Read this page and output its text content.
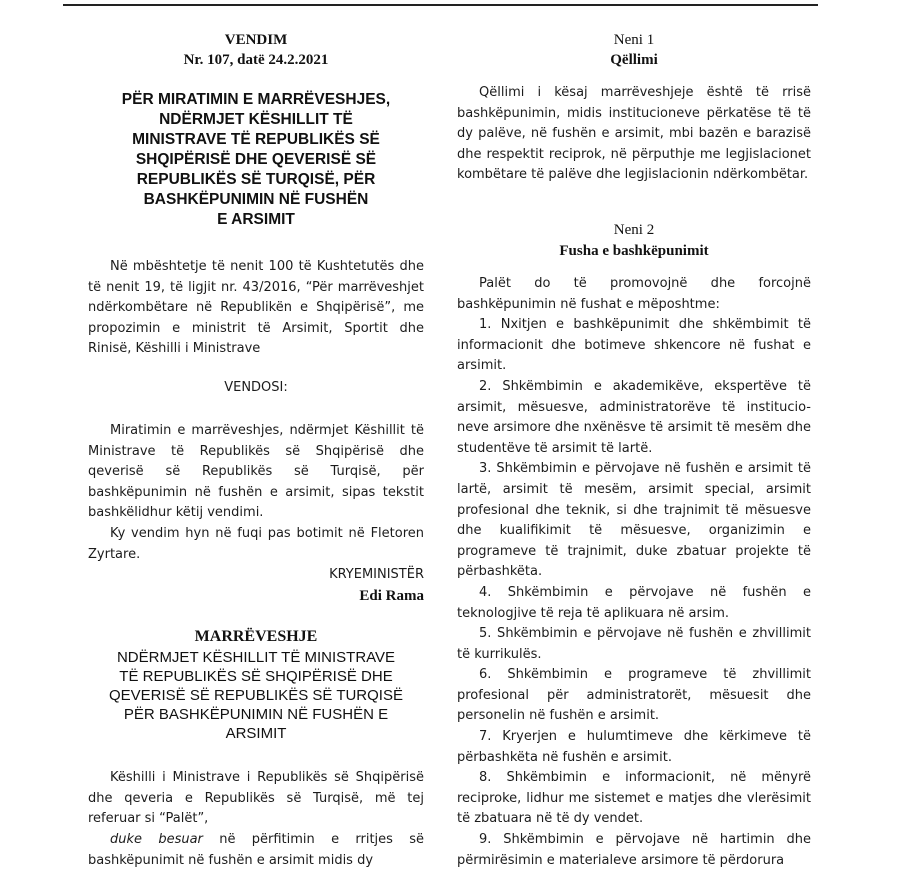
VENDIM
Nr. 107, datë 24.2.2021
PËR MIRATIMIN E MARRËVESHJES,
NDËRMJET KËSHILLIT TË
MINISTRAVE TË REPUBLIKËS SË
SHQIPËRISË DHE QEVERISË SË
REPUBLIKËS SË TURQISË, PËR
BASHKËPUNIMIN NË FUSHËN
E ARSIMIT

Në mbështetje të nenit 100 të Kushtetutës dhe të nenit 19, të ligjit nr. 43/2016, “Për marrëveshjet ndërkombëtare në Republikën e Shqipërisë”, me propozimin e ministrit të Arsimit, Sportit dhe Rinisë, Këshilli i Ministrave

VENDOSI:

Miratimin e marrëveshjes, ndërmjet Këshillit të Ministrave të Republikës së Shqipërisë dhe qeverisë së Republikës së Turqisë, për bashkëpunimin në fushën e arsimit, sipas tekstit bashkëlidhur këtij vendimi.

Ky vendim hyn në fuqi pas botimit në Fletoren Zyrtare.

KRYEMINISTËR
Edi Rama
MARRËVESHJE
NDËRMJET KËSHILLIT TË MINISTRAVE
TË REPUBLIKËS SË SHQIPËRISË DHE
QEVERISË SË REPUBLIKËS SË TURQISË
PËR BASHKËPUNIMIN NË FUSHËN E
ARSIMIT

Këshilli i Ministrave i Republikës së Shqipërisë dhe qeveria e Republikës së Turqisë, më tej referuar si “Palët”,

duke besuar në përfitimin e rritjes së bashkëpunimit në fushën e arsimit midis dy

Neni 1
Qëllimi

Qëllimi i kësaj marrëveshjeje është të rrisë bashkëpunimin, midis institucioneve përkatëse të të dy palëve, në fushën e arsimit, mbi bazën e barazisë dhe respektit reciprok, në përputhje me legjislacionet kombëtare të palëve dhe legjislacionin ndërkombëtar.

Neni 2
Fusha e bashkëpunimit

Palët do të promovojnë dhe forcojnë bashkëpunimin në fushat e mëposhtme:

1. Nxitjen e bashkëpunimit dhe shkëmbimit të informacionit dhe botimeve shkencore në fushat e arsimit.

2. Shkëmbimin e akademikëve, ekspertëve të arsimit, mësuesve, administratorëve të institucio-neve arsimore dhe nxënësve të arsimit të mesëm dhe studentëve të arsimit të lartë.

3. Shkëmbimin e përvojave në fushën e arsimit të lartë, arsimit të mesëm, arsimit special, arsimit profesional dhe teknik, si dhe trajnimit të mësuesve dhe kualifikimit të mësuesve, organizimin e programeve të trajnimit, duke zbatuar projekte të përbashkëta.

4. Shkëmbimin e përvojave në fushën e teknologjive të reja të aplikuara në arsim.

5. Shkëmbimin e përvojave në fushën e zhvillimit të kurrikulës.

6. Shkëmbimin e programeve të zhvillimit profesional për administratorët, mësuesit dhe personelin në fushën e arsimit.

7. Kryerjen e hulumtimeve dhe kërkimeve të përbashkëta në fushën e arsimit.

8. Shkëmbimin e informacionit, në mënyrë reciproke, lidhur me sistemet e matjes dhe vlerësimit të zbatuara në të dy vendet.

9. Shkëmbimin e përvojave në hartimin dhe përmirësimin e materialeve arsimore të përdorura
